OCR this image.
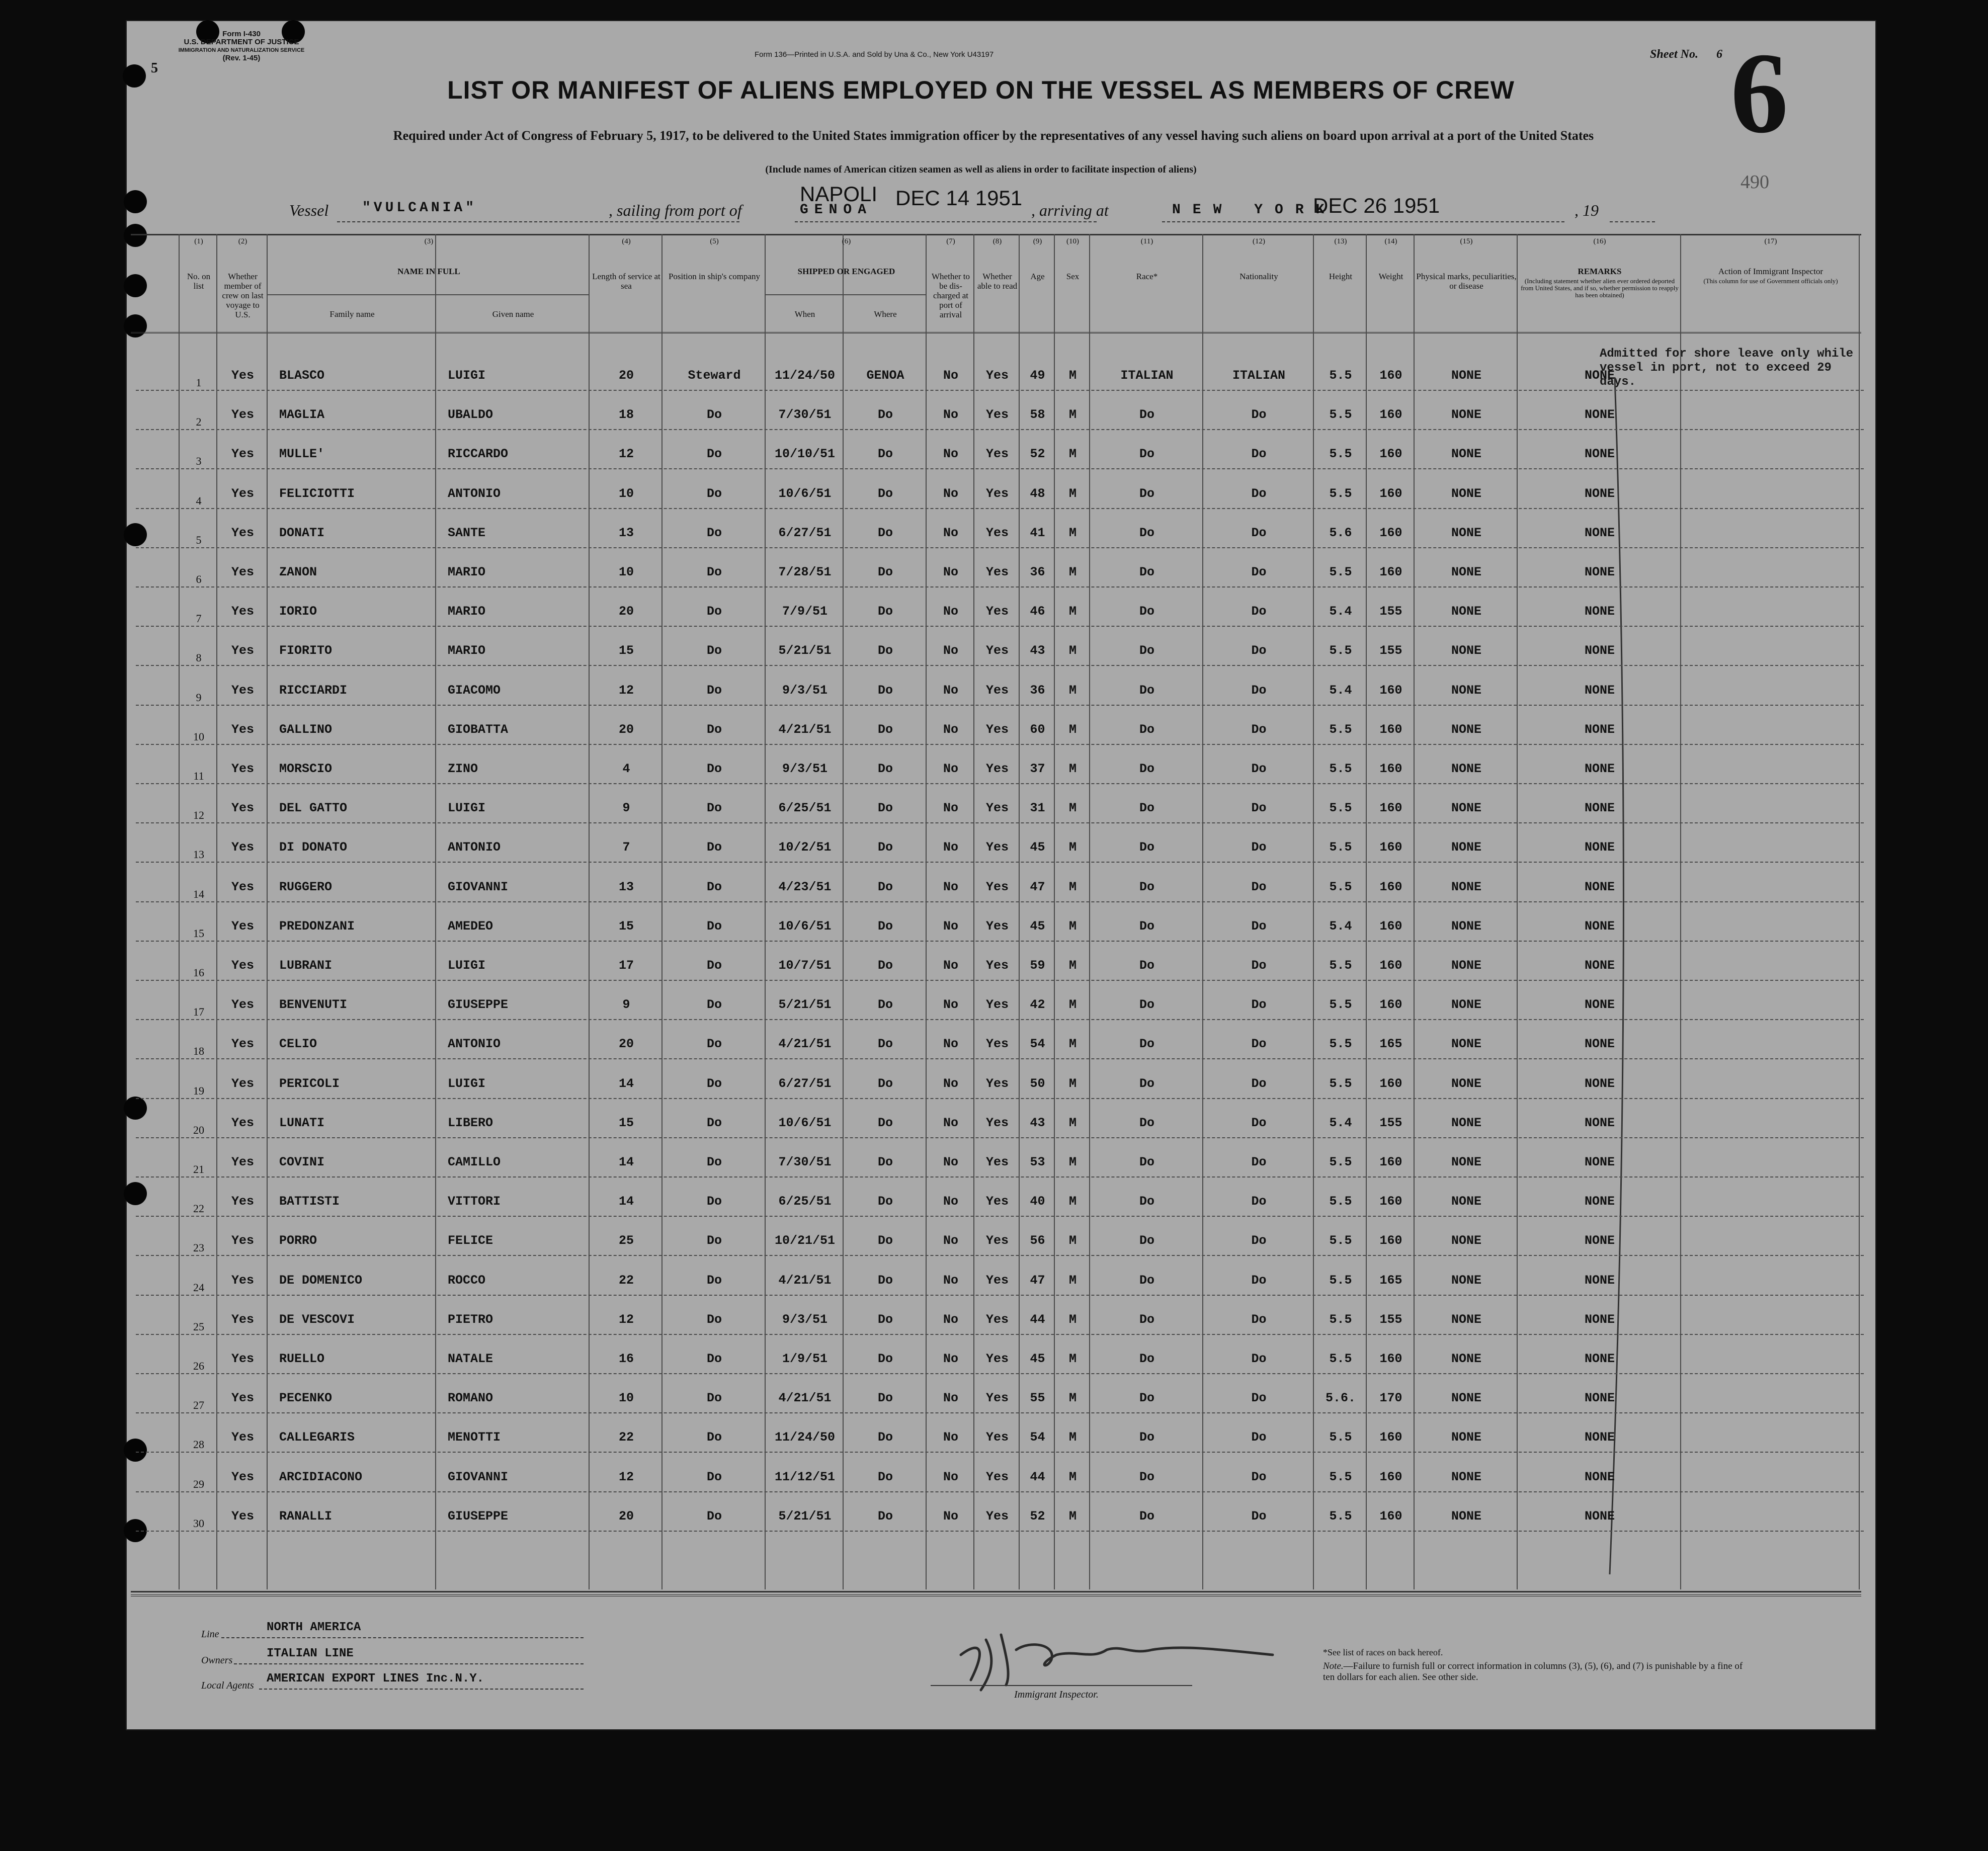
Form I-430
U.S. DEPARTMENT OF JUSTICE
IMMIGRATION AND NATURALIZATION SERVICE
(Rev. 1-45)
5
Form 136—Printed in U.S.A. and Sold by Una & Co., New York U43197	Sheet No. 6 6
490
LIST OR MANIFEST OF ALIENS EMPLOYED ON THE VESSEL AS MEMBERS OF CREW
Required under Act of Congress of February 5, 1917, to be delivered to the United States immigration officer by the representatives of any vessel having such aliens on board upon arrival at a port of the United States
(Include names of American citizen seamen as well as aliens in order to facilitate inspection of aliens)
Vessel "VULCANIA"	, sailing from port of
NAPOLI
GENOA
DEC 14 1951
, arriving at	NEW YORK
DEC 26 1951	, 19
Admitted for shore leave only while vessel in port, not to exceed 29 days.
Line	NORTH AMERICA
Owners	ITALIAN LINE
Local Agents AMERICAN EXPORT LINES Inc.N.Y.
Immigrant Inspector.
*See list of races on back hereof.
Note.—Failure to furnish full or correct information in columns (3), (5), (6), and (7) is punishable by a fine of ten dollars for each alien. See other side.
(1)
No. on list
(2)
Whether member of crew on last voyage to U.S.
(3)
NAME IN FULL
Family name	Given name
(4)
Length of service at sea
(5)
Position in ship's company
(6)
SHIPPED OR ENGAGED
When	Where
(7)
Whether to be dis-charged at port of arrival
(8)
Whether able to read
(9)
Age
(10)
Sex
(11)
Race*
(12)
Nationality
(13)
Height
(14)
Weight
(15)
Physical marks, peculiarities, or disease
(16)
REMARKS
(Including statement whether alien ever ordered deported from United States, and if so, whether permission to reapply has been obtained)
(17)
Action of Immigrant Inspector
(This column for use of Government officials only)
1	Yes	BLASCO	LUIGI	20	Steward	11/24/50	GENOA	No	Yes	49	M	ITALIAN	ITALIAN	5.5	160	NONE	NONE
2	Yes	MAGLIA	UBALDO	18	Do	7/30/51	Do	No	Yes	58	M	Do	Do	5.5	160	NONE	NONE
3	Yes	MULLE'	RICCARDO	12	Do	10/10/51	Do	No	Yes	52	M	Do	Do	5.5	160	NONE	NONE
4	Yes	FELICIOTTI	ANTONIO	10	Do	10/6/51	Do	No	Yes	48	M	Do	Do	5.5	160	NONE	NONE
5	Yes	DONATI	SANTE	13	Do	6/27/51	Do	No	Yes	41	M	Do	Do	5.6	160	NONE	NONE
6	Yes	ZANON	MARIO	10	Do	7/28/51	Do	No	Yes	36	M	Do	Do	5.5	160	NONE	NONE
7	Yes	IORIO	MARIO	20	Do	7/9/51	Do	No	Yes	46	M	Do	Do	5.4	155	NONE	NONE
8	Yes	FIORITO	MARIO	15	Do	5/21/51	Do	No	Yes	43	M	Do	Do	5.5	155	NONE	NONE
9	Yes	RICCIARDI	GIACOMO	12	Do	9/3/51	Do	No	Yes	36	M	Do	Do	5.4	160	NONE	NONE
10	Yes	GALLINO	GIOBATTA	20	Do	4/21/51	Do	No	Yes	60	M	Do	Do	5.5	160	NONE	NONE
11	Yes	MORSCIO	ZINO	4	Do	9/3/51	Do	No	Yes	37	M	Do	Do	5.5	160	NONE	NONE
12	Yes	DEL GATTO	LUIGI	9	Do	6/25/51	Do	No	Yes	31	M	Do	Do	5.5	160	NONE	NONE
13	Yes	DI DONATO	ANTONIO	7	Do	10/2/51	Do	No	Yes	45	M	Do	Do	5.5	160	NONE	NONE
14	Yes	RUGGERO	GIOVANNI	13	Do	4/23/51	Do	No	Yes	47	M	Do	Do	5.5	160	NONE	NONE
15	Yes	PREDONZANI	AMEDEO	15	Do	10/6/51	Do	No	Yes	45	M	Do	Do	5.4	160	NONE	NONE
16	Yes	LUBRANI	LUIGI	17	Do	10/7/51	Do	No	Yes	59	M	Do	Do	5.5	160	NONE	NONE
17	Yes	BENVENUTI	GIUSEPPE	9	Do	5/21/51	Do	No	Yes	42	M	Do	Do	5.5	160	NONE	NONE
18	Yes	CELIO	ANTONIO	20	Do	4/21/51	Do	No	Yes	54	M	Do	Do	5.5	165	NONE	NONE
19	Yes	PERICOLI	LUIGI	14	Do	6/27/51	Do	No	Yes	50	M	Do	Do	5.5	160	NONE	NONE
20	Yes	LUNATI	LIBERO	15	Do	10/6/51	Do	No	Yes	43	M	Do	Do	5.4	155	NONE	NONE
21	Yes	COVINI	CAMILLO	14	Do	7/30/51	Do	No	Yes	53	M	Do	Do	5.5	160	NONE	NONE
22	Yes	BATTISTI	VITTORI	14	Do	6/25/51	Do	No	Yes	40	M	Do	Do	5.5	160	NONE	NONE
23	Yes	PORRO	FELICE	25	Do	10/21/51	Do	No	Yes	56	M	Do	Do	5.5	160	NONE	NONE
24	Yes	DE DOMENICO	ROCCO	22	Do	4/21/51	Do	No	Yes	47	M	Do	Do	5.5	165	NONE	NONE
25	Yes	DE VESCOVI	PIETRO	12	Do	9/3/51	Do	No	Yes	44	M	Do	Do	5.5	155	NONE	NONE
26	Yes	RUELLO	NATALE	16	Do	1/9/51	Do	No	Yes	45	M	Do	Do	5.5	160	NONE	NONE
27	Yes	PECENKO	ROMANO	10	Do	4/21/51	Do	No	Yes	55	M	Do	Do	5.6.	170	NONE	NONE
28	Yes	CALLEGARIS	MENOTTI	22	Do	11/24/50	Do	No	Yes	54	M	Do	Do	5.5	160	NONE	NONE
29	Yes	ARCIDIACONO	GIOVANNI	12	Do	11/12/51	Do	No	Yes	44	M	Do	Do	5.5	160	NONE	NONE
30	Yes	RANALLI	GIUSEPPE	20	Do	5/21/51	Do	No	Yes	52	M	Do	Do	5.5	160	NONE	NONE
